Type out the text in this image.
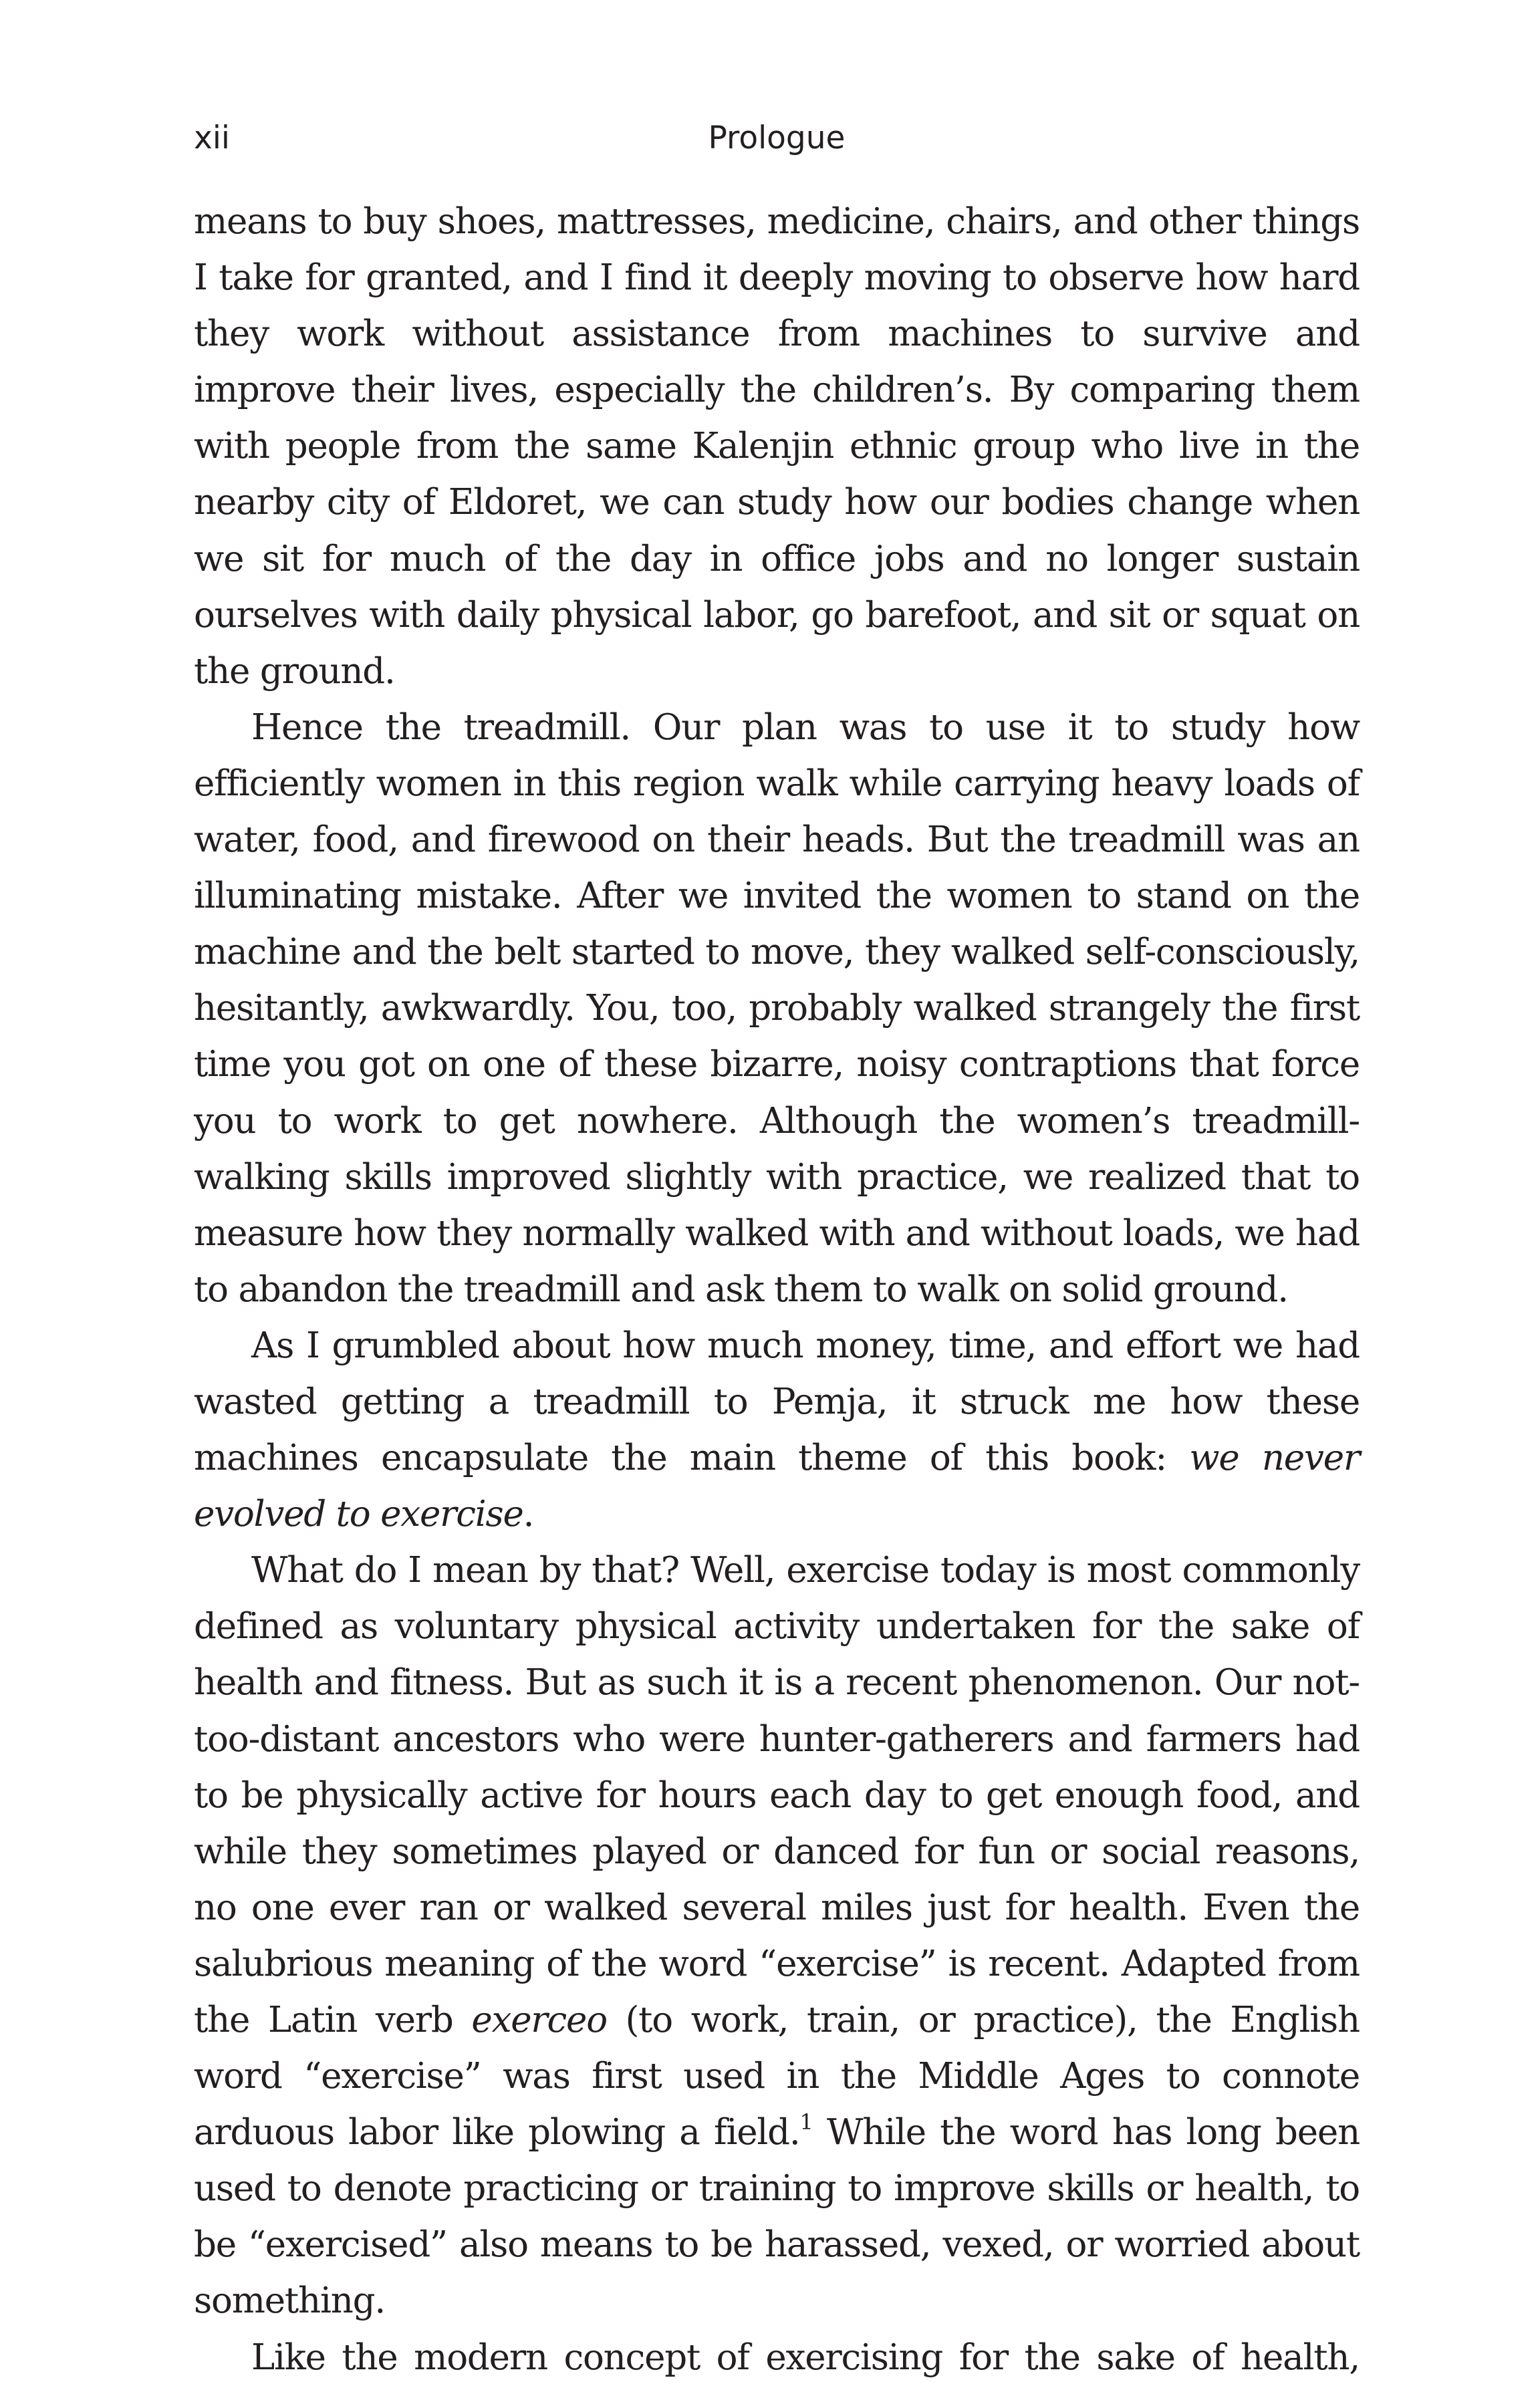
xii	Prologue

means to buy shoes, mattresses, medicine, chairs, and other things I take for granted, and I find it deeply moving to observe how hard they work without assistance from machines to survive and improve their lives, especially the children’s. By comparing them with people from the same Kalenjin ethnic group who live in the nearby city of Eldoret, we can study how our bodies change when we sit for much of the day in office jobs and no longer sustain ourselves with daily physical labor, go barefoot, and sit or squat on the ground.

Hence the treadmill. Our plan was to use it to study how efficiently women in this region walk while carrying heavy loads of water, food, and firewood on their heads. But the treadmill was an illuminating mistake. After we invited the women to stand on the machine and the belt started to move, they walked self-consciously, hesitantly, awkwardly. You, too, probably walked strangely the first time you got on one of these bizarre, noisy contraptions that force you to work to get nowhere. Although the women’s treadmill-walking skills improved slightly with practice, we realized that to measure how they normally walked with and without loads, we had to abandon the treadmill and ask them to walk on solid ground.

As I grumbled about how much money, time, and effort we had wasted getting a treadmill to Pemja, it struck me how these machines encapsulate the main theme of this book: we never evolved to exercise.

What do I mean by that? Well, exercise today is most commonly defined as voluntary physical activity undertaken for the sake of health and fitness. But as such it is a recent phenomenon. Our not-too-distant ancestors who were hunter-gatherers and farmers had to be physically active for hours each day to get enough food, and while they sometimes played or danced for fun or social reasons, no one ever ran or walked several miles just for health. Even the salubrious meaning of the word “exercise” is recent. Adapted from the Latin verb exerceo (to work, train, or practice), the English word “exercise” was first used in the Middle Ages to connote arduous labor like plowing a field.$^1$ While the word has long been used to denote practicing or training to improve skills or health, to be “exercised” also means to be harassed, vexed, or worried about something.

Like the modern concept of exercising for the sake of health,
